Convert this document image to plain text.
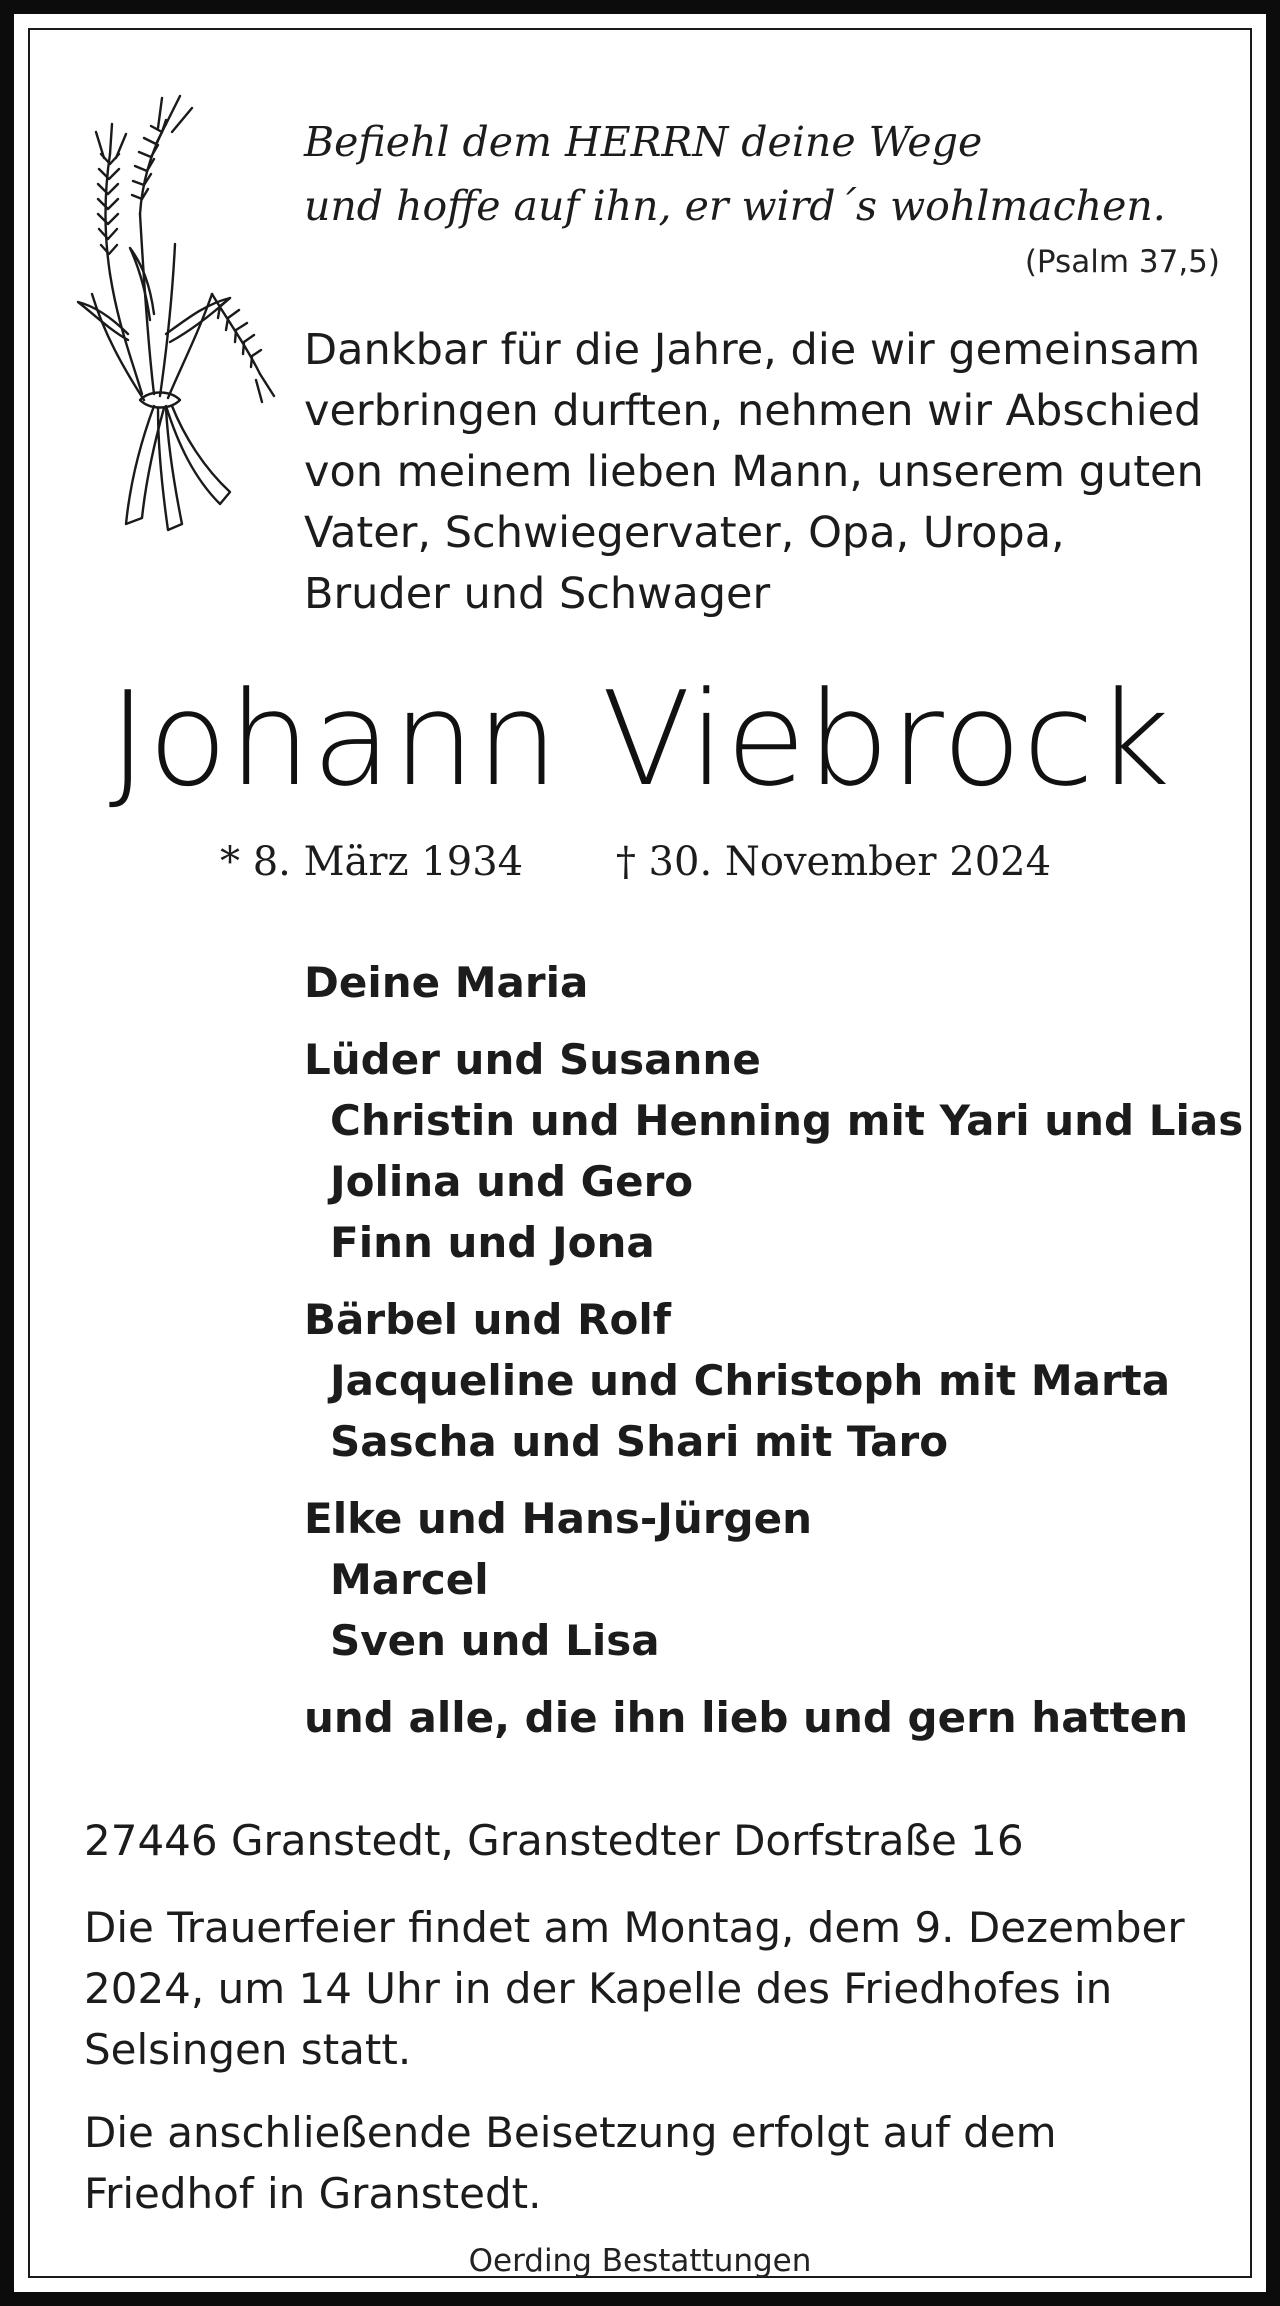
Befiehl dem HERRN deine Wege
und hoffe auf ihn, er wird´s wohlmachen.
(Psalm 37,5)
Dankbar für die Jahre, die wir gemeinsam
verbringen durften, nehmen wir Abschied
von meinem lieben Mann, unserem guten
Vater, Schwiegervater, Opa, Uropa,
Bruder und Schwager
Johann Viebrock
* 8. März 1934 † 30. November 2024
Deine Maria
Lüder und Susanne
Christin und Henning mit Yari und Lias
Jolina und Gero
Finn und Jona
Bärbel und Rolf
Jacqueline und Christoph mit Marta
Sascha und Shari mit Taro
Elke und Hans-Jürgen
Marcel
Sven und Lisa
und alle, die ihn lieb und gern hatten
27446 Granstedt, Granstedter Dorfstraße 16
Die Trauerfeier findet am Montag, dem 9. Dezember
2024, um 14 Uhr in der Kapelle des Friedhofes in
Selsingen statt.
Die anschließende Beisetzung erfolgt auf dem
Friedhof in Granstedt.
Oerding Bestattungen
